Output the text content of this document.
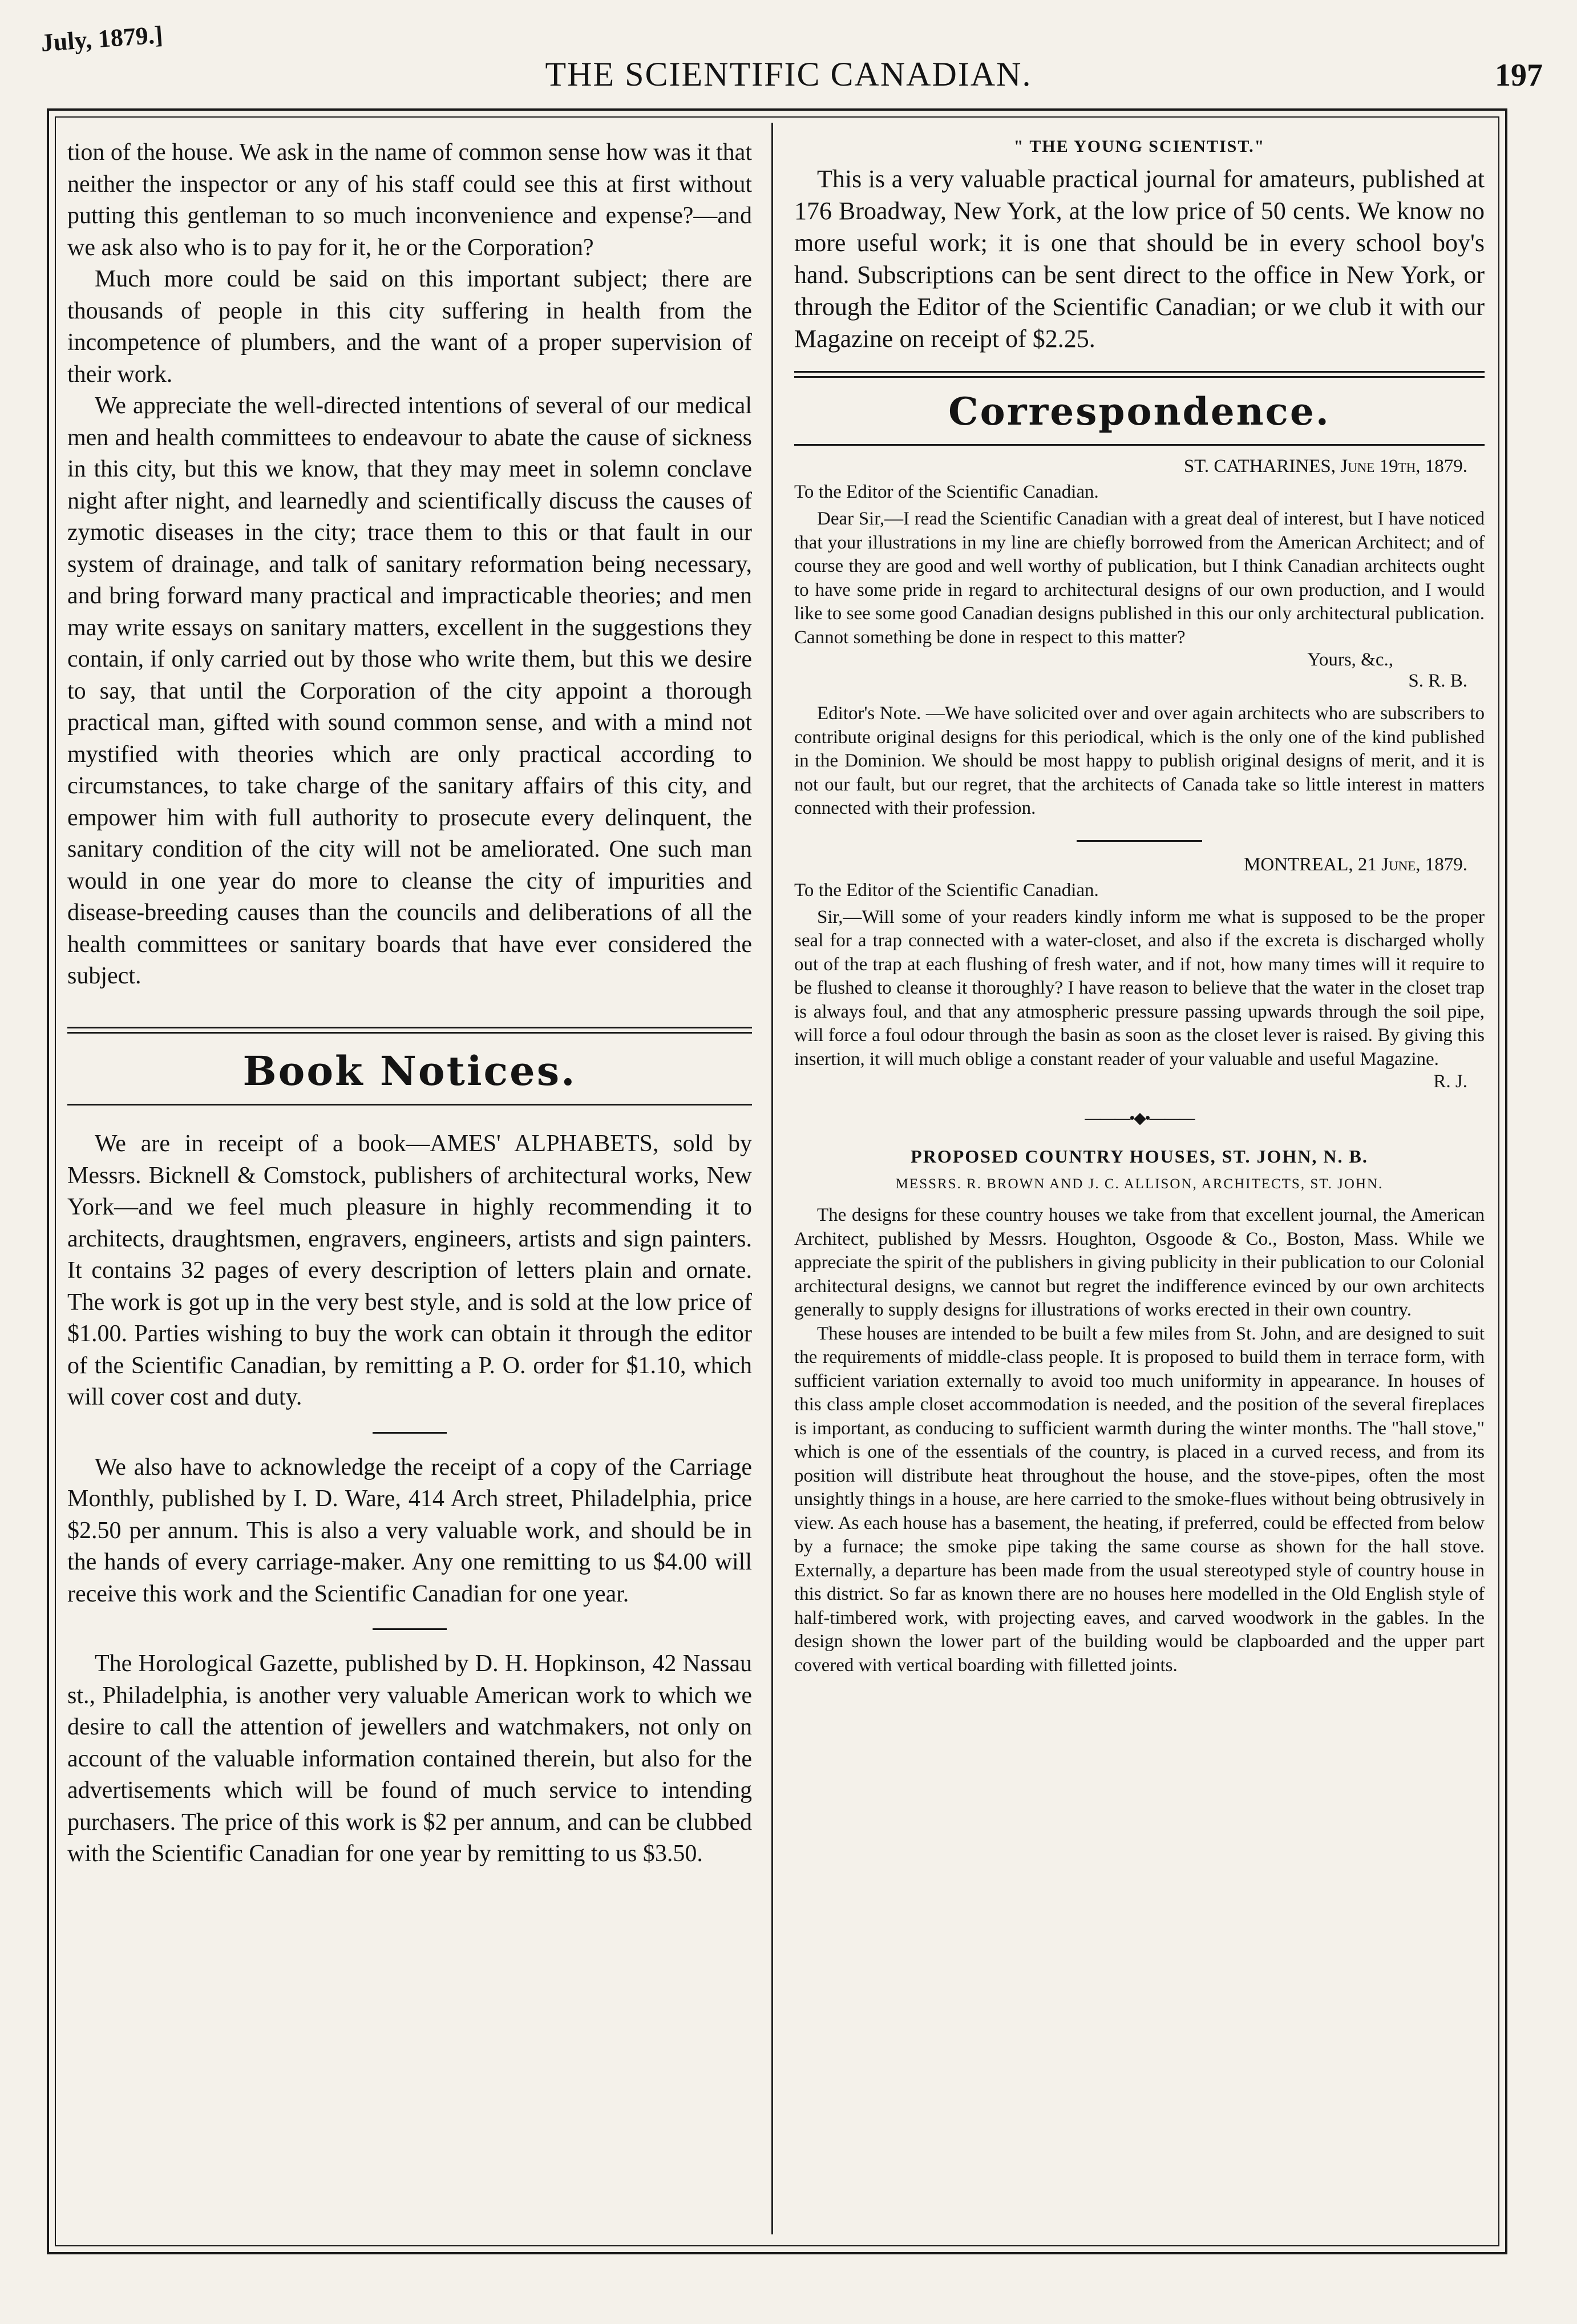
July, 1879.]
THE SCIENTIFIC CANADIAN.	197

tion of the house. We ask in the name of common sense how was it that neither the inspector or any of his staff could see this at first without putting this gentleman to so much inconvenience and expense?—and we ask also who is to pay for it, he or the Corporation?

Much more could be said on this important subject; there are thousands of people in this city suffering in health from the incompetence of plumbers, and the want of a proper supervision of their work.

We appreciate the well-directed intentions of several of our medical men and health committees to endeavour to abate the cause of sickness in this city, but this we know, that they may meet in solemn conclave night after night, and learnedly and scientifically discuss the causes of zymotic diseases in the city; trace them to this or that fault in our system of drainage, and talk of sanitary reformation being necessary, and bring forward many practical and impracticable theories; and men may write essays on sanitary matters, excellent in the suggestions they contain, if only carried out by those who write them, but this we desire to say, that until the Corporation of the city appoint a thorough practical man, gifted with sound common sense, and with a mind not mystified with theories which are only practical according to circumstances, to take charge of the sanitary affairs of this city, and empower him with full authority to prosecute every delinquent, the sanitary condition of the city will not be ameliorated. One such man would in one year do more to cleanse the city of impurities and disease-breeding causes than the councils and deliberations of all the health committees or sanitary boards that have ever considered the subject.

Book Notices.

We are in receipt of a book—AMES' ALPHABETS, sold by Messrs. Bicknell & Comstock, publishers of architectural works, New York—and we feel much pleasure in highly recommending it to architects, draughtsmen, engravers, engineers, artists and sign painters. It contains 32 pages of every description of letters plain and ornate. The work is got up in the very best style, and is sold at the low price of $1.00. Parties wishing to buy the work can obtain it through the editor of the Scientific Canadian, by remitting a P. O. order for $1.10, which will cover cost and duty.

We also have to acknowledge the receipt of a copy of the Carriage Monthly, published by I. D. Ware, 414 Arch street, Philadelphia, price $2.50 per annum. This is also a very valuable work, and should be in the hands of every carriage-maker. Any one remitting to us $4.00 will receive this work and the Scientific Canadian for one year.

The Horological Gazette, published by D. H. Hopkinson, 42 Nassau st., Philadelphia, is another very valuable American work to which we desire to call the attention of jewellers and watchmakers, not only on account of the valuable information contained therein, but also for the advertisements which will be found of much service to intending purchasers. The price of this work is $2 per annum, and can be clubbed with the Scientific Canadian for one year by remitting to us $3.50.

" THE YOUNG SCIENTIST."

This is a very valuable practical journal for amateurs, published at 176 Broadway, New York, at the low price of 50 cents. We know no more useful work; it is one that should be in every school boy's hand. Subscriptions can be sent direct to the office in New York, or through the Editor of the Scientific Canadian; or we club it with our Magazine on receipt of $2.25.

Correspondence.
ST. CATHARINES, June 19th, 1879.
To the Editor of the Scientific Canadian.

Dear Sir,—I read the Scientific Canadian with a great deal of interest, but I have noticed that your illustrations in my line are chiefly borrowed from the American Architect; and of course they are good and well worthy of publication, but I think Canadian architects ought to have some pride in regard to architectural designs of our own production, and I would like to see some good Canadian designs published in this our only architectural publication. Cannot something be done in respect to this matter?

Yours, &c.,
S. R. B.

Editor's Note. —We have solicited over and over again architects who are subscribers to contribute original designs for this periodical, which is the only one of the kind published in the Dominion. We should be most happy to publish original designs of merit, and it is not our fault, but our regret, that the architects of Canada take so little interest in matters connected with their profession.

MONTREAL, 21 June, 1879.
To the Editor of the Scientific Canadian.

Sir,—Will some of your readers kindly inform me what is supposed to be the proper seal for a trap connected with a water-closet, and also if the excreta is discharged wholly out of the trap at each flushing of fresh water, and if not, how many times will it require to be flushed to cleanse it thoroughly? I have reason to believe that the water in the closet trap is always foul, and that any atmospheric pressure passing upwards through the soil pipe, will force a foul odour through the basin as soon as the closet lever is raised. By giving this insertion, it will much oblige a constant reader of your valuable and useful Magazine.

R. J.
———•◆•———
PROPOSED COUNTRY HOUSES, ST. JOHN, N. B.
MESSRS. R. BROWN AND J. C. ALLISON, ARCHITECTS, ST. JOHN.

The designs for these country houses we take from that excellent journal, the American Architect, published by Messrs. Houghton, Osgoode & Co., Boston, Mass. While we appreciate the spirit of the publishers in giving publicity in their publication to our Colonial architectural designs, we cannot but regret the indifference evinced by our own architects generally to supply designs for illustrations of works erected in their own country.

These houses are intended to be built a few miles from St. John, and are designed to suit the requirements of middle-class people. It is proposed to build them in terrace form, with sufficient variation externally to avoid too much uniformity in appearance. In houses of this class ample closet accommodation is needed, and the position of the several fireplaces is important, as conducing to sufficient warmth during the winter months. The "hall stove," which is one of the essentials of the country, is placed in a curved recess, and from its position will distribute heat throughout the house, and the stove-pipes, often the most unsightly things in a house, are here carried to the smoke-flues without being obtrusively in view. As each house has a basement, the heating, if preferred, could be effected from below by a furnace; the smoke pipe taking the same course as shown for the hall stove. Externally, a departure has been made from the usual stereotyped style of country house in this district. So far as known there are no houses here modelled in the Old English style of half-timbered work, with projecting eaves, and carved woodwork in the gables. In the design shown the lower part of the building would be clapboarded and the upper part covered with vertical boarding with filletted joints.
